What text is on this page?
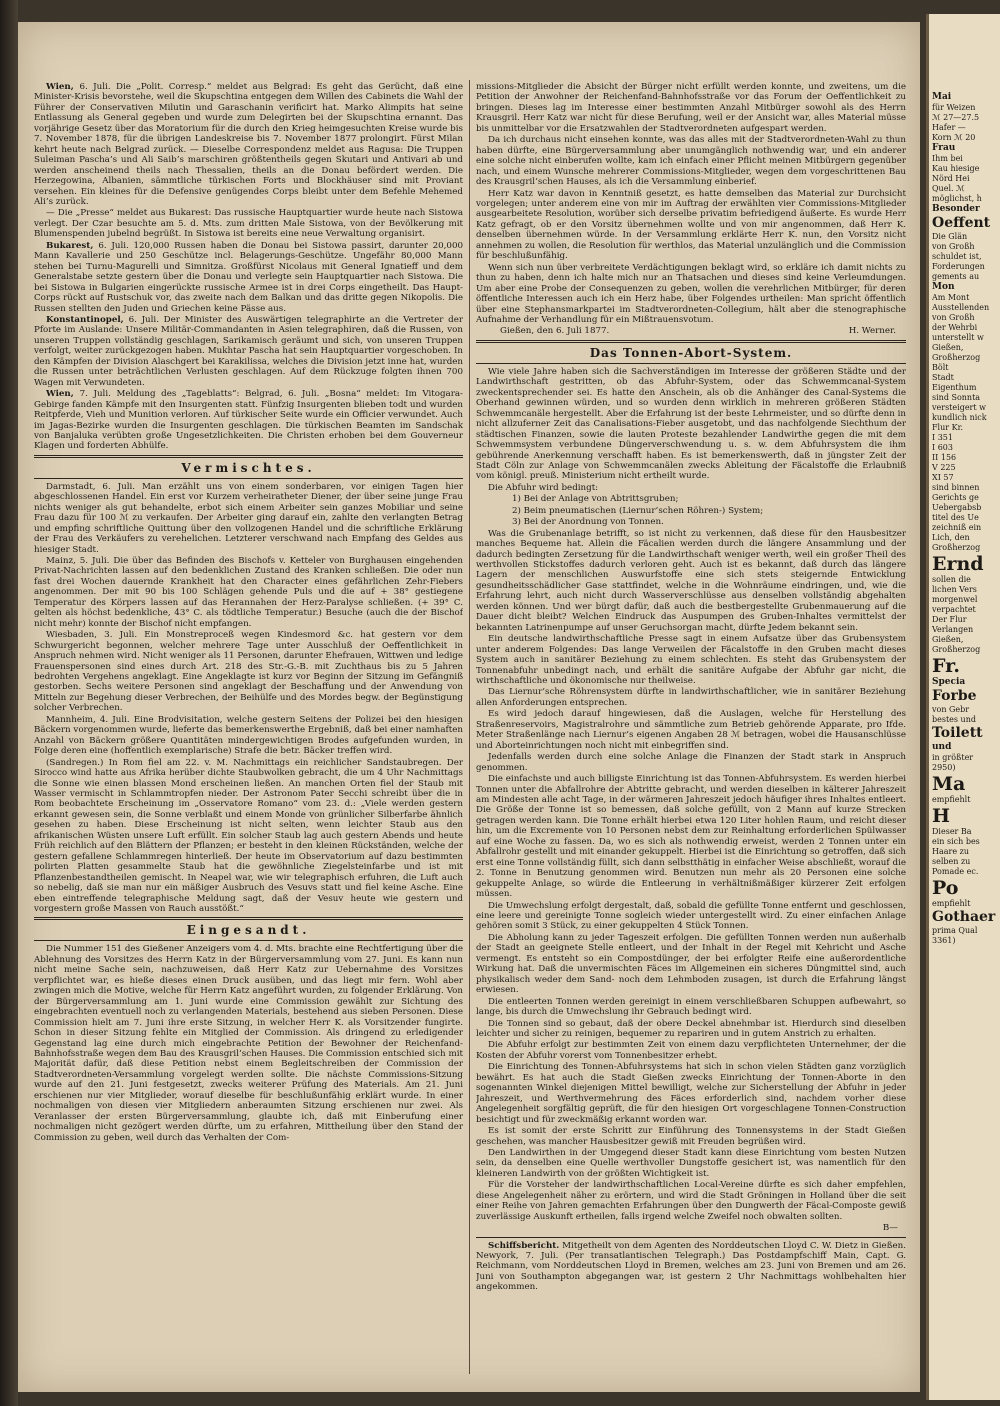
Wien, 6. Juli. Die „Polit. Corresp.“ meldet aus Belgrad: Es geht das Gerücht, daß eine Minister-Krisis bevorstehe, weil die Skupschtina entgegen dem Willen des Cabinets die Wahl der Führer der Conservativen Milutin und Garaschanin verificirt hat. Marko Alimpits hat seine Entlassung als General gegeben und wurde zum Delegirten bei der Skupschtina ernannt. Das vorjährige Gesetz über das Moratorium für die durch den Krieg heimgesuchten Kreise wurde bis 7. November 1878, für die übrigen Landeskreise bis 7. November 1877 prolongirt. Fürst Milan kehrt heute nach Belgrad zurück. — Dieselbe Correspondenz meldet aus Ragusa: Die Truppen Suleiman Pascha’s und Ali Saib’s marschiren größtentheils gegen Skutari und Antivari ab und werden anscheinend theils nach Thessalien, theils an die Donau befördert werden. Die Herzegowina, Albanien, sämmtliche türkischen Forts und Blockhäuser sind mit Proviant versehen. Ein kleines für die Defensive genügendes Corps bleibt unter dem Befehle Mehemed Ali’s zurück.

— Die „Presse“ meldet aus Bukarest: Das russische Hauptquartier wurde heute nach Sistowa verlegt. Der Czar besuchte am 5. d. Mts. zum dritten Male Sistowa, von der Bevölkerung mit Blumenspenden jubelnd begrüßt. In Sistowa ist bereits eine neue Verwaltung organisirt.

Bukarest, 6. Juli. 120,000 Russen haben die Donau bei Sistowa passirt, darunter 20,000 Mann Kavallerie und 250 Geschütze incl. Belagerungs-Geschütze. Ungefähr 80,000 Mann stehen bei Turnu-Magurelli und Simnitza. Großfürst Nicolaus mit General Ignatieff und dem Generalstabe setzte gestern über die Donau und verlegte sein Hauptquartier nach Sistowa. Die bei Sistowa in Bulgarien eingerückte russische Armee ist in drei Corps eingetheilt. Das Haupt-Corps rückt auf Rustschuk vor, das zweite nach dem Balkan und das dritte gegen Nikopolis. Die Russen stellten den Juden und Griechen keine Pässe aus.

Konstantinopel, 6. Juli. Der Minister des Auswärtigen telegraphirte an die Vertreter der Pforte im Auslande: Unsere Militär-Commandanten in Asien telegraphiren, daß die Russen, von unseren Truppen vollständig geschlagen, Sarikamisch geräumt und sich, von unseren Truppen verfolgt, weiter zurückgezogen haben. Mukhtar Pascha hat sein Hauptquartier vorgeschoben. In den Kämpfen der Division Alaschgert bei Karakilissa, welches die Division jetzt inne hat, wurden die Russen unter beträchtlichen Verlusten geschlagen. Auf dem Rückzuge folgten ihnen 700 Wagen mit Verwundeten.

Wien, 7. Juli. Meldung des „Tageblatts“: Belgrad, 6. Juli. „Bosna“ meldet: Im Vitogara-Gebirge fanden Kämpfe mit den Insurgenten statt. Fünfzig Insurgenten blieben todt und wurden Reitpferde, Vieh und Munition verloren. Auf türkischer Seite wurde ein Officier verwundet. Auch im Jagas-Bezirke wurden die Insurgenten geschlagen. Die türkischen Beamten im Sandschak von Banjaluka verübten große Ungesetzlichkeiten. Die Christen erhoben bei dem Gouverneur Klagen und forderten Abhülfe.

Vermischtes.

Darmstadt, 6. Juli. Man erzählt uns von einem sonderbaren, vor einigen Tagen hier abgeschlossenen Handel. Ein erst vor Kurzem verheiratheter Diener, der über seine junge Frau nichts weniger als gut behandelte, erbot sich einem Arbeiter sein ganzes Mobiliar und seine Frau dazu für 100 ℳ zu verkaufen. Der Arbeiter ging darauf ein, zahlte den verlangten Betrag und empfing schriftliche Quittung über den vollzogenen Handel und die schriftliche Erklärung der Frau des Verkäufers zu verehelichen. Letzterer verschwand nach Empfang des Geldes aus hiesiger Stadt.

Mainz, 5. Juli. Die über das Befinden des Bischofs v. Ketteler von Burghausen eingehenden Privat-Nachrichten lassen auf den bedenklichen Zustand des Kranken schließen. Die oder nun fast drei Wochen dauernde Krankheit hat den Character eines gefährlichen Zehr-Fiebers angenommen. Der mit 90 bis 100 Schlägen gehende Puls und die auf + 38° gestiegene Temperatur des Körpers lassen auf das Herannahen der Herz-Paralyse schließen. (+ 39° C. gelten als höchst bedenkliche, 43° C. als tödtliche Temperatur.) Besuche (auch die der Bischof nicht mehr) konnte der Bischof nicht empfangen.

Wiesbaden, 3. Juli. Ein Monstreproceß wegen Kindesmord &c. hat gestern vor dem Schwurgericht begonnen, welcher mehrere Tage unter Ausschluß der Oeffentlichkeit in Anspruch nehmen wird. Nicht weniger als 11 Personen, darunter Ehefrauen, Wittwen und ledige Frauenspersonen sind eines durch Art. 218 des Str.-G.-B. mit Zuchthaus bis zu 5 Jahren bedrohten Vergehens angeklagt. Eine Angeklagte ist kurz vor Beginn der Sitzung im Gefängniß gestorben. Sechs weitere Personen sind angeklagt der Beschaffung und der Anwendung von Mitteln zur Begehung dieser Verbrechen, der Beihülfe und des Mordes begw. der Begünstigung solcher Verbrechen.

Mannheim, 4. Juli. Eine Brodvisitation, welche gestern Seitens der Polizei bei den hiesigen Bäckern vorgenommen wurde, lieferte das bemerkenswerthe Ergebniß, daß bei einer namhaften Anzahl von Bäckern größere Quantitäten mindergewichtigen Brodes aufgefunden wurden, in Folge deren eine (hoffentlich exemplarische) Strafe die betr. Bäcker treffen wird.

(Sandregen.) In Rom fiel am 22. v. M. Nachmittags ein reichlicher Sandstaubregen. Der Sirocco wind hatte aus Afrika herüber dichte Staubwolken gebracht, die um 4 Uhr Nachmittags die Sonne wie einen blassen Mond erscheinen ließen. An manchen Orten fiel der Staub mit Wasser vermischt in Schlammtropfen nieder. Der Astronom Pater Secchi schreibt über die in Rom beobachtete Erscheinung im „Osservatore Romano“ vom 23. d.: „Viele werden gestern erkannt gewesen sein, die Sonne verblaßt und einem Monde von grünlicher Silberfarbe ähnlich gesehen zu haben. Diese Erscheinung ist nicht selten, wenn leichter Staub aus den afrikanischen Wüsten unsere Luft erfüllt. Ein solcher Staub lag auch gestern Abends und heute Früh reichlich auf den Blättern der Pflanzen; er besteht in den kleinen Rückständen, welche der gestern gefallene Schlammregen hinterließ. Der heute im Observatorium auf dazu bestimmten polirten Platten gesammelte Staub hat die gewöhnliche Ziegelsteinfarbe und ist mit Pflanzenbestandtheilen gemischt. In Neapel war, wie wir telegraphisch erfuhren, die Luft auch so nebelig, daß sie man nur ein mäßiger Ausbruch des Vesuvs statt und fiel keine Asche. Eine eben eintreffende telegraphische Meldung sagt, daß der Vesuv heute wie gestern und vorgestern große Massen von Rauch ausstößt.“

Eingesandt.

Die Nummer 151 des Gießener Anzeigers vom 4. d. Mts. brachte eine Rechtfertigung über die Ablehnung des Vorsitzes des Herrn Katz in der Bürgerversammlung vom 27. Juni. Es kann nun nicht meine Sache sein, nachzuweisen, daß Herr Katz zur Uebernahme des Vorsitzes verpflichtet war, es hieße dieses einen Druck ausüben, und das liegt mir fern. Wohl aber zwingen mich die Motive, welche für Herrn Katz angeführt wurden, zu folgender Erklärung. Von der Bürgerversammlung am 1. Juni wurde eine Commission gewählt zur Sichtung des eingebrachten eventuell noch zu verlangenden Materials, bestehend aus sieben Personen. Diese Commission hielt am 7. Juni ihre erste Sitzung, in welcher Herr K. als Vorsitzender fungirte. Schon in dieser Sitzung fehlte ein Mitglied der Commission. Als dringend zu erledigender Gegenstand lag eine durch mich eingebrachte Petition der Bewohner der Reichenfand-Bahnhofsstraße wegen dem Bau des Krausgril’schen Hauses. Die Commission entschied sich mit Majorität dafür, daß diese Petition nebst einem Begleitschreiben der Commission der Stadtverordneten-Versammlung vorgelegt werden sollte. Die nächste Commissions-Sitzung wurde auf den 21. Juni festgesetzt, zwecks weiterer Prüfung des Materials. Am 21. Juni erschienen nur vier Mitglieder, worauf dieselbe für beschlußunfähig erklärt wurde. In einer nochmaligen von diesen vier Mitgliedern anberaumten Sitzung erschienen nur zwei. Als Veranlasser der ersten Bürgerversammlung, glaubte ich, daß mit Einberufung einer nochmaligen nicht gezögert werden dürfte, um zu erfahren, Mittheilung über den Stand der Commission zu geben, weil durch das Verhalten der Com-

missions-Mitglieder die Absicht der Bürger nicht erfüllt werden konnte, und zweitens, um die Petition der Anwohner der Reichenfand-Bahnhofsstraße vor das Forum der Oeffentlichkeit zu bringen. Dieses lag im Interesse einer bestimmten Anzahl Mitbürger sowohl als des Herrn Krausgril. Herr Katz war nicht für diese Berufung, weil er der Ansicht war, alles Material müsse bis unmittelbar vor die Ersatzwahlen der Stadtverordneten aufgespart werden.

Da ich durchaus nicht einsehen konnte, was das alles mit der Stadtverordneten-Wahl zu thun haben dürfte, eine Bürgerversammlung aber unumgänglich nothwendig war, und ein anderer eine solche nicht einberufen wollte, kam ich einfach einer Pflicht meinen Mitbürgern gegenüber nach, und einem Wunsche mehrerer Commissions-Mitglieder, wegen dem vorgeschrittenen Bau des Krausgril’schen Hauses, als ich die Versammlung einberief.

Herr Katz war davon in Kenntniß gesetzt, es hatte demselben das Material zur Durchsicht vorgelegen; unter anderem eine von mir im Auftrag der erwählten vier Commissions-Mitglieder ausgearbeitete Resolution, worüber sich derselbe privatim befriedigend äußerte. Es wurde Herr Katz gefragt, ob er den Vorsitz übernehmen wollte und von mir angenommen, daß Herr K. denselben übernehmen würde. In der Versammlung erklärte Herr K. nun, den Vorsitz nicht annehmen zu wollen, die Resolution für werthlos, das Material unzulänglich und die Commission für beschlußunfähig.

Wenn sich nun über verbreitete Verdächtigungen beklagt wird, so erkläre ich damit nichts zu thun zu haben, denn ich halte mich nur an Thatsachen und dieses sind keine Verleumdungen. Um aber eine Probe der Consequenzen zu geben, wollen die verehrlichen Mitbürger, für deren öffentliche Interessen auch ich ein Herz habe, über Folgendes urtheilen: Man spricht öffentlich über eine Stephansmarkpartei im Stadtverordneten-Collegium, hält aber die stenographische Aufnahme der Verhandlung für ein Mißtrauensvotum.

Gießen, den 6. Juli 1877.	H. Werner.
Das Tonnen-Abort-System.

Wie viele Jahre haben sich die Sachverständigen im Interesse der größeren Städte und der Landwirthschaft gestritten, ob das Abfuhr-System, oder das Schwemmcanal-System zweckentsprechender sei. Es hatte den Anschein, als ob die Anhänger des Canal-Systems die Oberhand gewinnen würden, und so wurden denn wirklich in mehreren größeren Städten Schwemmcanäle hergestellt. Aber die Erfahrung ist der beste Lehrmeister, und so dürfte denn in nicht allzuferner Zeit das Canalisations-Fieber ausgetobt, und das nachfolgende Siechthum der städtischen Finanzen, sowie die lauten Proteste bezahlender Landwirthe gegen die mit dem Schwemmsystem verbundene Düngerverschwendung u. s. w. dem Abfuhrsystem die ihm gebührende Anerkennung verschafft haben. Es ist bemerkenswerth, daß in jüngster Zeit der Stadt Cöln zur Anlage von Schwemmcanälen zwecks Ableitung der Fäcalstoffe die Erlaubniß vom königl. preuß. Ministerium nicht ertheilt wurde.

Die Abfuhr wird bedingt:

1) Bei der Anlage von Abtrittsgruben;

2) Beim pneumatischen (Liernur’schen Röhren-) System;

3) Bei der Anordnung von Tonnen.

Was die Grubenanlage betrifft, so ist nicht zu verkennen, daß diese für den Hausbesitzer manches Bequeme hat. Allein die Fäcalien werden durch die längere Ansammlung und der dadurch bedingten Zersetzung für die Landwirthschaft weniger werth, weil ein großer Theil des werthvollen Stickstoffes dadurch verloren geht. Auch ist es bekannt, daß durch das längere Lagern der menschlichen Auswurfstoffe eine sich stets steigernde Entwicklung gesundheitsschädlicher Gase stattfindet, welche in die Wohnräume eindringen, und, wie die Erfahrung lehrt, auch nicht durch Wasserverschlüsse aus denselben vollständig abgehalten werden können. Und wer bürgt dafür, daß auch die bestbergestellte Grubenmauerung auf die Dauer dicht bleibt? Welchen Eindruck das Auspumpen des Gruben-Inhaltes vermittelst der bekannten Latrinenpumpe auf unser Geruchsorgan macht, dürfte Jedem bekannt sein.

Ein deutsche landwirthschaftliche Presse sagt in einem Aufsatze über das Grubensystem unter anderem Folgendes: Das lange Verweilen der Fäcalstoffe in den Gruben macht dieses System auch in sanitärer Beziehung zu einem schlechten. Es steht das Grubensystem der Tonnenabfuhr unbedingt nach, und erhält die sanitäre Aufgabe der Abfuhr gar nicht, die wirthschaftliche und ökonomische nur theilweise.

Das Liernur’sche Röhrensystem dürfte in landwirthschaftlicher, wie in sanitärer Beziehung allen Anforderungen entsprechen.

Es wird jedoch darauf hingewiesen, daß die Auslagen, welche für Herstellung des Straßenreservoirs, Magistralrohre und sämmtliche zum Betrieb gehörende Apparate, pro Ifde. Meter Straßenlänge nach Liernur’s eigenen Angaben 28 ℳ betragen, wobei die Hausanschlüsse und Aborteinrichtungen noch nicht mit einbegriffen sind.

Jedenfalls werden durch eine solche Anlage die Finanzen der Stadt stark in Anspruch genommen.

Die einfachste und auch billigste Einrichtung ist das Tonnen-Abfuhrsystem. Es werden hierbei Tonnen unter die Abfallrohre der Abtritte gebracht, und werden dieselben in kälterer Jahreszeit am Mindesten alle acht Tage, in der wärmeren Jahreszeit jedoch häufiger ihres Inhaltes entleert. Die Größe der Tonne ist so bemessen, daß solche gefüllt, von 2 Mann auf kurze Strecken getragen werden kann. Die Tonne erhält hierbei etwa 120 Liter hohlen Raum, und reicht dieser hin, um die Excremente von 10 Personen nebst dem zur Reinhaltung erforderlichen Spülwasser auf eine Woche zu fassen. Da, wo es sich als nothwendig erweist, werden 2 Tonnen unter ein Abfallrohr gestellt und mit einander gekuppelt. Hierbei ist die Einrichtung so getroffen, daß sich erst eine Tonne vollständig füllt, sich dann selbstthätig in einfacher Weise abschließt, worauf die 2. Tonne in Benutzung genommen wird. Benutzen nun mehr als 20 Personen eine solche gekuppelte Anlage, so würde die Entleerung in verhältnißmäßiger kürzerer Zeit erfolgen müssen.

Die Umwechslung erfolgt dergestalt, daß, sobald die gefüllte Tonne entfernt und geschlossen, eine leere und gereinigte Tonne sogleich wieder untergestellt wird. Zu einer einfachen Anlage gehören somit 3 Stück, zu einer gekuppelten 4 Stück Tonnen.

Die Abholung kann zu jeder Tageszeit erfolgen. Die gefüllten Tonnen werden nun außerhalb der Stadt an geeignete Stelle entleert, und der Inhalt in der Regel mit Kehricht und Asche vermengt. Es entsteht so ein Compostdünger, der bei erfolgter Reife eine außerordentliche Wirkung hat. Daß die unvermischten Fäces im Allgemeinen ein sicheres Düngmittel sind, auch physikalisch weder dem Sand- noch dem Lehmboden zusagen, ist durch die Erfahrung längst erwiesen.

Die entleerten Tonnen werden gereinigt in einem verschließbaren Schuppen aufbewahrt, so lange, bis durch die Umwechslung ihr Gebrauch bedingt wird.

Die Tonnen sind so gebaut, daß der obere Deckel abnehmbar ist. Hierdurch sind dieselben leichter und sicher zu reinigen, bequemer zu repariren und in gutem Anstrich zu erhalten.

Die Abfuhr erfolgt zur bestimmten Zeit von einem dazu verpflichteten Unternehmer, der die Kosten der Abfuhr vorerst vom Tonnenbesitzer erhebt.

Die Einrichtung des Tonnen-Abfuhrsystems hat sich in schon vielen Städten ganz vorzüglich bewährt. Es hat auch die Stadt Gießen zwecks Einrichtung der Tonnen-Aborte in den sogenannten Winkel diejenigen Mittel bewilligt, welche zur Sicherstellung der Abfuhr in jeder Jahreszeit, und Werthvermehrung des Fäces erforderlich sind, nachdem vorher diese Angelegenheit sorgfältig geprüft, die für den hiesigen Ort vorgeschlagene Tonnen-Construction besichtigt und für zweckmäßig erkannt worden war.

Es ist somit der erste Schritt zur Einführung des Tonnensystems in der Stadt Gießen geschehen, was mancher Hausbesitzer gewiß mit Freuden begrüßen wird.

Den Landwirthen in der Umgegend dieser Stadt kann diese Einrichtung vom besten Nutzen sein, da denselben eine Quelle werthvoller Dungstoffe gesichert ist, was namentlich für den kleineren Landwirth von der größten Wichtigkeit ist.

Für die Vorsteher der landwirthschaftlichen Local-Vereine dürfte es sich daher empfehlen, diese Angelegenheit näher zu erörtern, und wird die Stadt Gröningen in Holland über die seit einer Reihe von Jahren gemachten Erfahrungen über den Dungwerth der Fäcal-Composte gewiß zuverlässige Auskunft ertheilen, falls irgend welche Zweifel noch obwalten sollten.

B—

Schiffsbericht. Mitgetheilt von dem Agenten des Norddeutschen Lloyd C. W. Dietz in Gießen. Newyork, 7. Juli. (Per transatlantischen Telegraph.) Das Postdampfschiff Main, Capt. G. Reichmann, vom Norddeutschen Lloyd in Bremen, welches am 23. Juni von Bremen und am 26. Juni von Southampton abgegangen war, ist gestern 2 Uhr Nachmittags wohlbehalten hier angekommen.

Mai
für Weizen
ℳ 27—27.5
Hafer —
Korn ℳ 20
Frau
Ihm bei
Kau hiesige
Nörd Hei
Quel. ℳ
möglichst, h
Besonder
Oeffent
Die Glän
von Großh
schuldet ist,
Forderungen
gements au
Mon
Am Mont
Ausstellenden
von Großh
der Wehrbi
unterstellt w
Gießen,
Großherzog
Bölt
Stadt
Eigenthum
sind Sonnta
versteigert w
kundlich nick
Flur Kr.
I 351
I 603
II 156
V 225
XI 57
sind binnen
Gerichts ge
Uebergabsb
titel des Ue
zeichniß ein
Lich, den
Großherzog
Ernd
sollen die
lichen Vers
morgenwel
verpachtet
Der Flur
Verlangen
Gießen,
Großherzog
Fr.
Specia
Forbe
von Gebr
bestes und
Toilett
und
in größter
2950)
Ma
empfiehlt
H
Dieser Ba
ein sich bes
Haare zu
selben zu
Pomade ec.
Po
empfiehlt
Gothaer
prima Qual
3361)
